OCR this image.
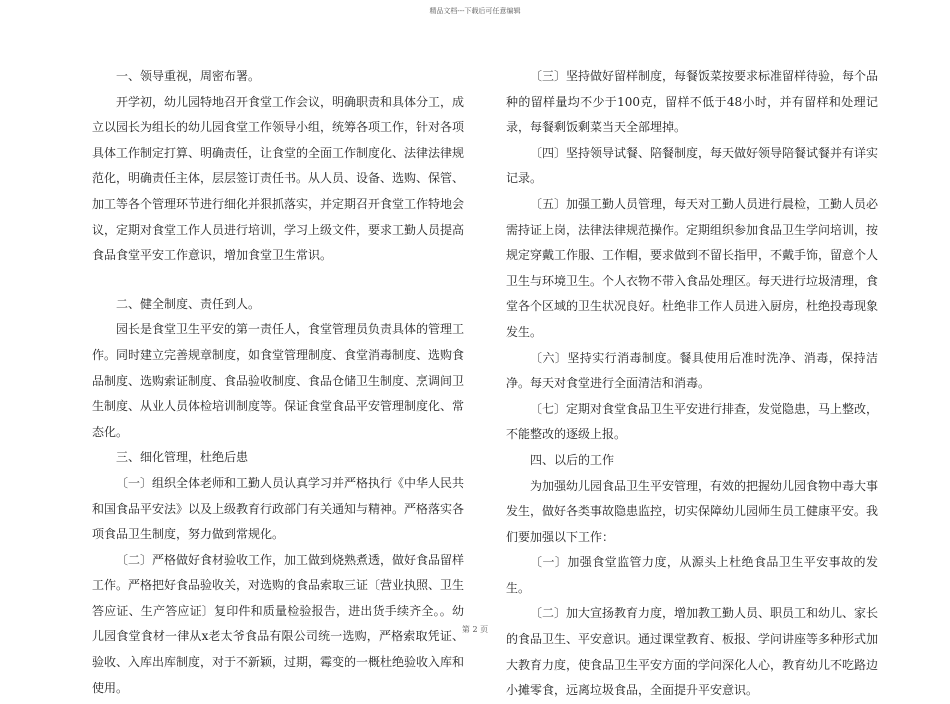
精品文档---下载后可任意编辑

一、领导重视，周密布署。

开学初，幼儿园特地召开食堂工作会议，明确职责和具体分工，成立以园长为组长的幼儿园食堂工作领导小组，统筹各项工作，针对各项具体工作制定打算、明确责任，让食堂的全面工作制度化、法律法律规范化，明确责任主体，层层签订责任书。从人员、设备、选购、保管、加工等各个管理环节进行细化并狠抓落实，并定期召开食堂工作特地会议，定期对食堂工作人员进行培训，学习上级文件，要求工勤人员提高食品食堂平安工作意识，增加食堂卫生常识。

二、健全制度、责任到人。

园长是食堂卫生平安的第一责任人，食堂管理员负责具体的管理工作。同时建立完善规章制度，如食堂管理制度、食堂消毒制度、选购食品制度、选购索证制度、食品验收制度、食品仓储卫生制度、烹调间卫生制度、从业人员体检培训制度等。保证食堂食品平安管理制度化、常态化。

三、细化管理，杜绝后患

〔一〕组织全体老师和工勤人员认真学习并严格执行《中华人民共和国食品平安法》以及上级教育行政部门有关通知与精神。严格落实各项食品卫生制度，努力做到常规化。

〔二〕严格做好食材验收工作，加工做到烧熟煮透，做好食品留样工作。严格把好食品验收关，对选购的食品索取三证〔营业执照、卫生答应证、生产答应证〕复印件和质量检验报告，进出货手续齐全。。幼儿园食堂食材一律从x老太爷食品有限公司统一选购，严格索取凭证、验收、入库出库制度，对于不新颖，过期，霉变的一概杜绝验收入库和使用。

〔三〕坚持做好留样制度，每餐饭菜按要求标准留样待验，每个品种的留样量均不少于100克，留样不低于48小时，并有留样和处理记录，每餐剩饭剩菜当天全部埋掉。

〔四〕坚持领导试餐、陪餐制度，每天做好领导陪餐试餐并有详实记录。

〔五〕加强工勤人员管理，每天对工勤人员进行晨检，工勤人员必需持证上岗，法律法律规范操作。定期组织参加食品卫生学问培训，按规定穿戴工作服、工作帽，要求做到不留长指甲，不戴手饰，留意个人卫生与环境卫生。个人衣物不带入食品处理区。每天进行垃圾清理，食堂各个区域的卫生状况良好。杜绝非工作人员进入厨房，杜绝投毒现象发生。

〔六〕坚持实行消毒制度。餐具使用后准时洗净、消毒，保持洁净。每天对食堂进行全面清洁和消毒。

〔七〕定期对食堂食品卫生平安进行排查，发觉隐患，马上整改，不能整改的逐级上报。

四、以后的工作

为加强幼儿园食品卫生平安管理，有效的把握幼儿园食物中毒大事发生，做好各类事故隐患监控，切实保障幼儿园师生员工健康平安。我们要加强以下工作：

〔一〕加强食堂监管力度，从源头上杜绝食品卫生平安事故的发生。

〔二〕加大宣扬教育力度，增加教工勤人员、职员工和幼儿、家长的食品卫生、平安意识。通过课堂教育、板报、学问讲座等多种形式加大教育力度，使食品卫生平安方面的学问深化人心，教育幼儿不吃路边小摊零食，远离垃圾食品，全面提升平安意识。

第 2 页
